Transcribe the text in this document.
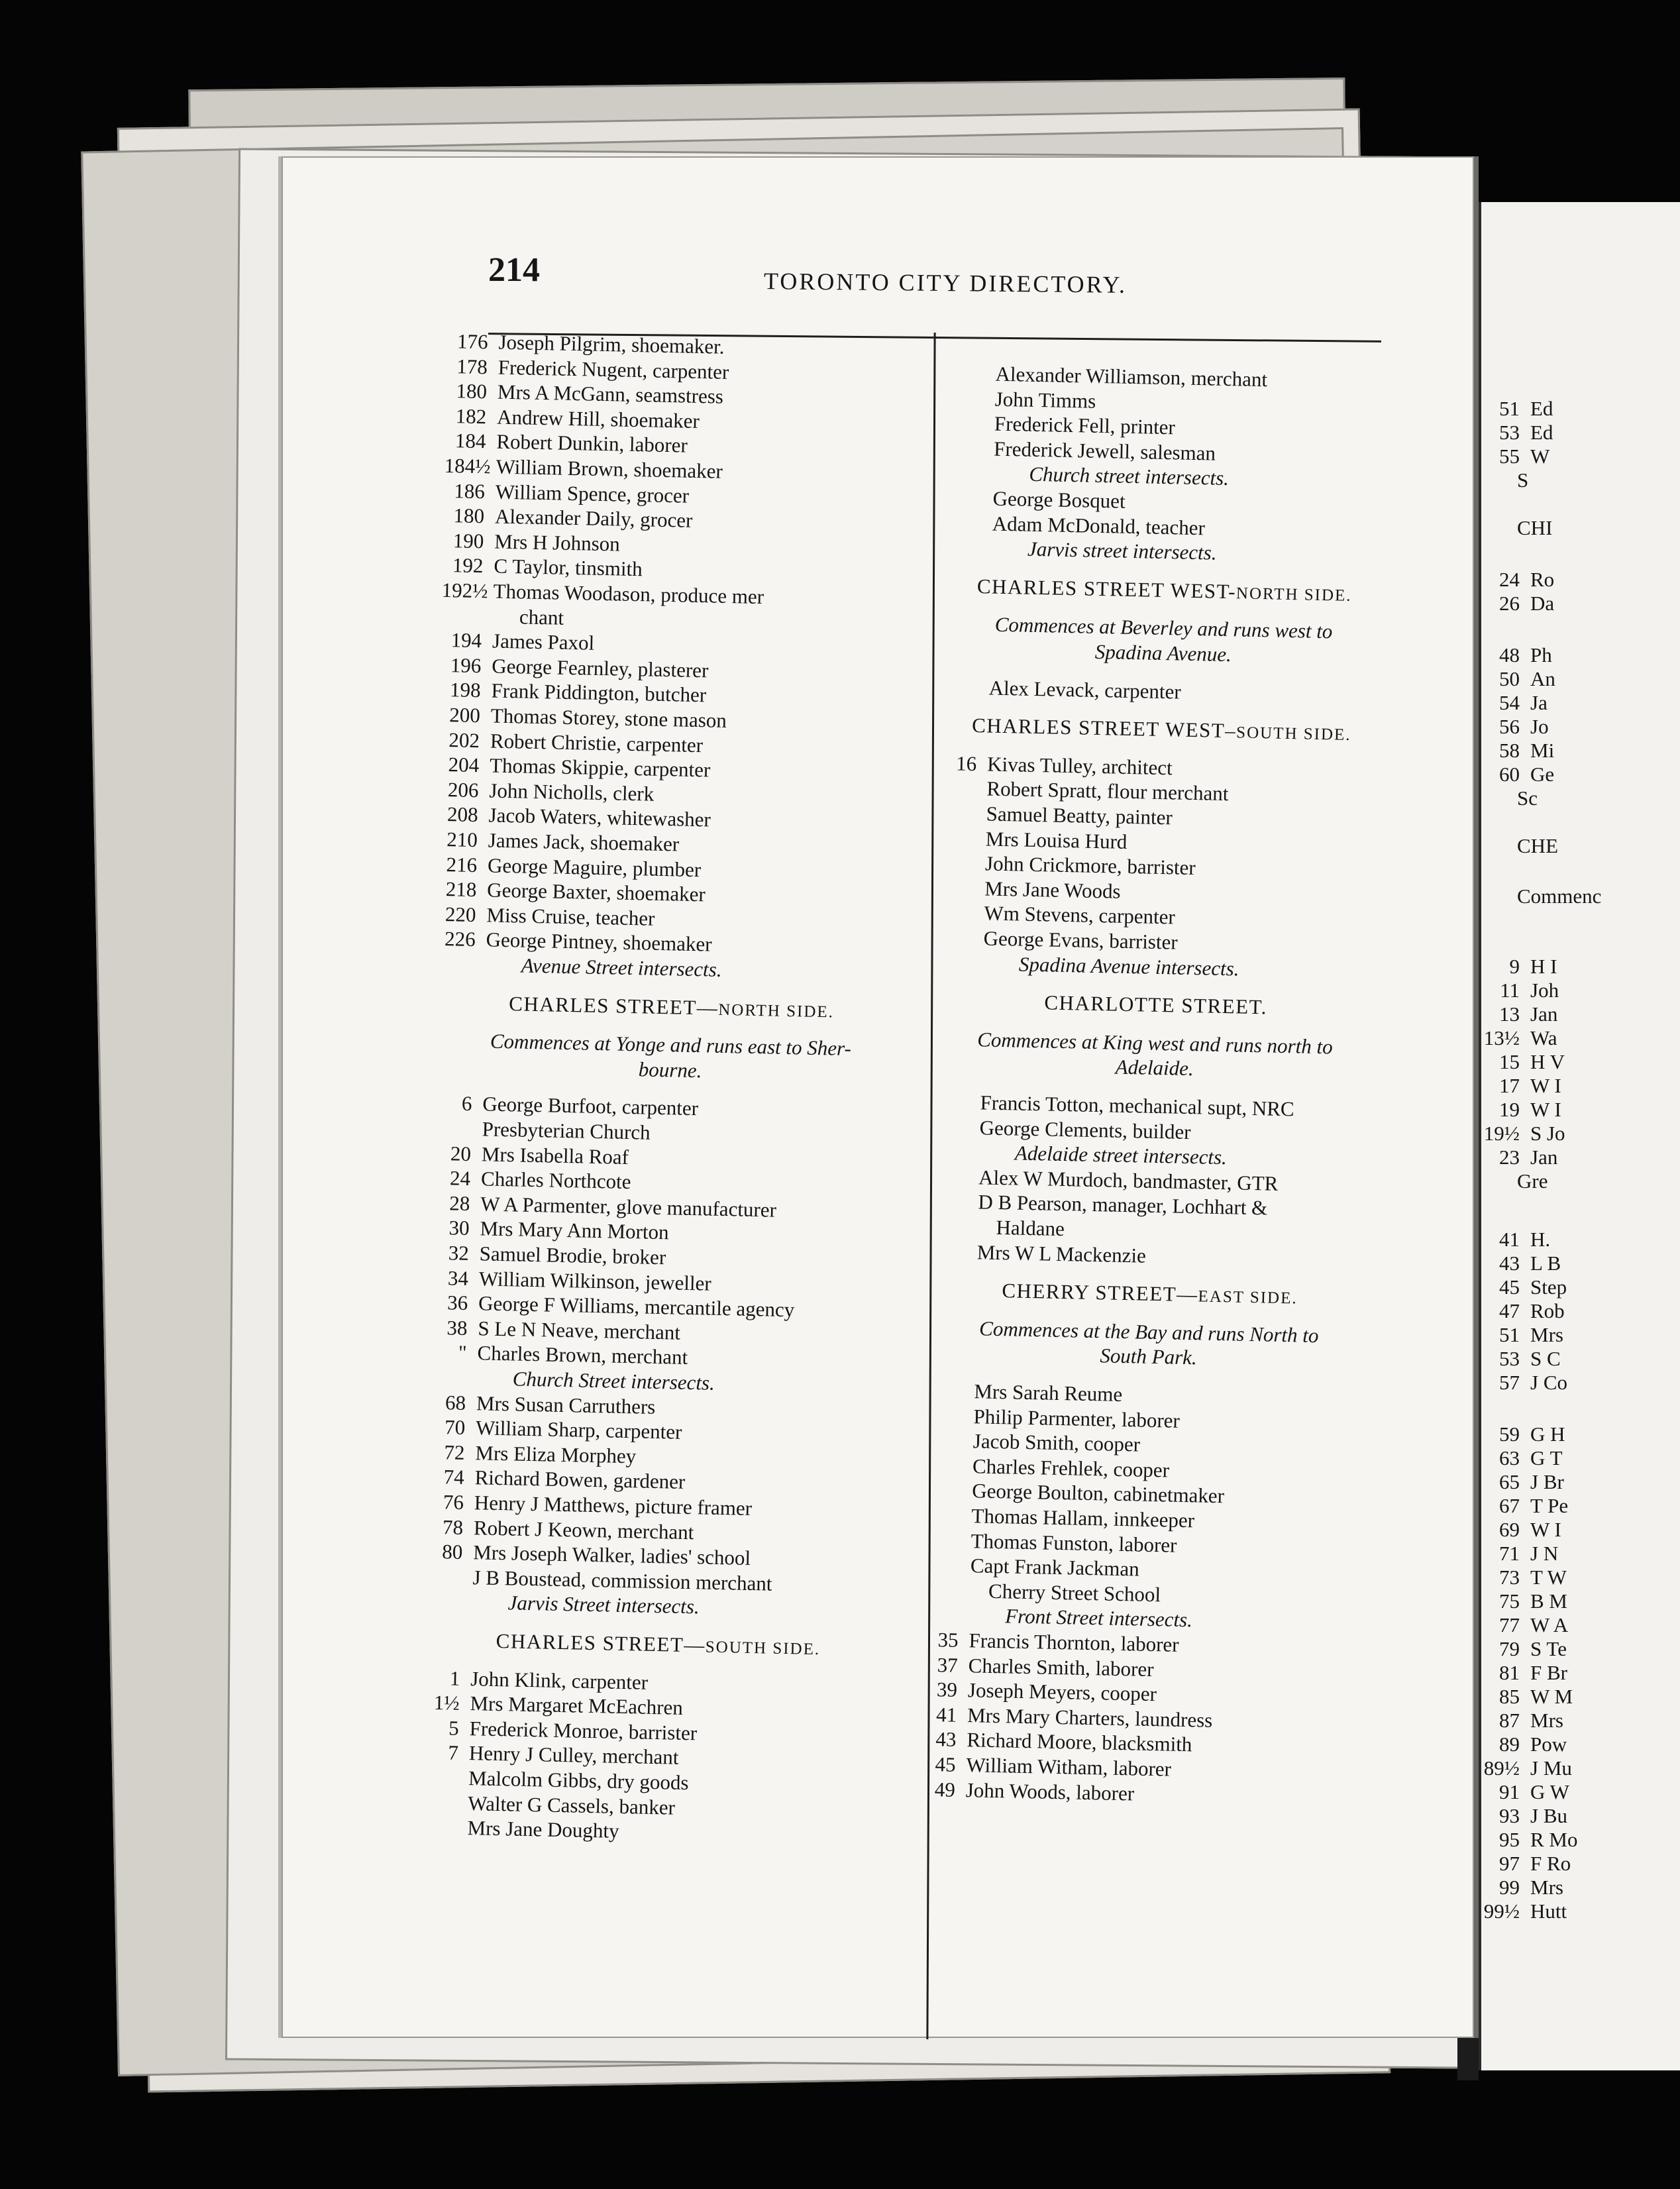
214	TORONTO CITY DIRECTORY.
176 Joseph Pilgrim, shoemaker.
178 Frederick Nugent, carpenter
180 Mrs A McGann, seamstress
182 Andrew Hill, shoemaker
184 Robert Dunkin, laborer
184½ William Brown, shoemaker
186 William Spence, grocer
180 Alexander Daily, grocer
190 Mrs H Johnson
192 C Taylor, tinsmith
192½ Thomas Woodason, produce mer
chant
194 James Paxol
196 George Fearnley, plasterer
198 Frank Piddington, butcher
200 Thomas Storey, stone mason
202 Robert Christie, carpenter
204 Thomas Skippie, carpenter
206 John Nicholls, clerk
208 Jacob Waters, whitewasher
210 James Jack, shoemaker
216 George Maguire, plumber
218 George Baxter, shoemaker
220 Miss Cruise, teacher
226 George Pintney, shoemaker
Avenue Street intersects.
CHARLES STREET—NORTH SIDE.
Commences at Yonge and runs east to Sher-
bourne.
6 George Burfoot, carpenter
Presbyterian Church
20 Mrs Isabella Roaf
24 Charles Northcote
28 W A Parmenter, glove manufacturer
30 Mrs Mary Ann Morton
32 Samuel Brodie, broker
34 William Wilkinson, jeweller
36 George F Williams, mercantile agency
38 S Le N Neave, merchant
" Charles Brown, merchant
Church Street intersects.
68 Mrs Susan Carruthers
70 William Sharp, carpenter
72 Mrs Eliza Morphey
74 Richard Bowen, gardener
76 Henry J Matthews, picture framer
78 Robert J Keown, merchant
80 Mrs Joseph Walker, ladies' school
J B Boustead, commission merchant
Jarvis Street intersects.
CHARLES STREET—SOUTH SIDE.
1 John Klink, carpenter
1½ Mrs Margaret McEachren
5 Frederick Monroe, barrister
7 Henry J Culley, merchant
Malcolm Gibbs, dry goods
Walter G Cassels, banker
Mrs Jane Doughty
Alexander Williamson, merchant
John Timms
Frederick Fell, printer
Frederick Jewell, salesman
Church street intersects.
George Bosquet
Adam McDonald, teacher
Jarvis street intersects.
CHARLES STREET WEST-NORTH SIDE.
Commences at Beverley and runs west to
Spadina Avenue.
Alex Levack, carpenter
CHARLES STREET WEST–SOUTH SIDE.
16 Kivas Tulley, architect
Robert Spratt, flour merchant
Samuel Beatty, painter
Mrs Louisa Hurd
John Crickmore, barrister
Mrs Jane Woods
Wm Stevens, carpenter
George Evans, barrister
Spadina Avenue intersects.
CHARLOTTE STREET.
Commences at King west and runs north to
Adelaide.
Francis Totton, mechanical supt, NRC
George Clements, builder
Adelaide street intersects.
Alex W Murdoch, bandmaster, GTR
D B Pearson, manager, Lochhart &
Haldane
Mrs W L Mackenzie
CHERRY STREET—EAST SIDE.
Commences at the Bay and runs North to
South Park.
Mrs Sarah Reume
Philip Parmenter, laborer
Jacob Smith, cooper
Charles Frehlek, cooper
George Boulton, cabinetmaker
Thomas Hallam, innkeeper
Thomas Funston, laborer
Capt Frank Jackman
Cherry Street School
Front Street intersects.
35 Francis Thornton, laborer
37 Charles Smith, laborer
39 Joseph Meyers, cooper
41 Mrs Mary Charters, laundress
43 Richard Moore, blacksmith
45 William Witham, laborer
49 John Woods, laborer
51 Ed
53 Ed
55 W
S
CHI
24 Ro
26 Da
48 Ph
50 An
54 Ja
56 Jo
58 Mi
60 Ge
Sc
CHE
Commenc
9 H I
11 Joh
13 Jan
13½ Wa
15 H V
17 W I
19 W I
19½ S Jo
23 Jan
Gre
41 H.
43 L B
45 Step
47 Rob
51 Mrs
53 S C
57 J Co
59 G H
63 G T
65 J Br
67 T Pe
69 W I
71 J N
73 T W
75 B M
77 W A
79 S Te
81 F Br
85 W M
87 Mrs
89 Pow
89½ J Mu
91 G W
93 J Bu
95 R Mo
97 F Ro
99 Mrs
99½ Hutt
